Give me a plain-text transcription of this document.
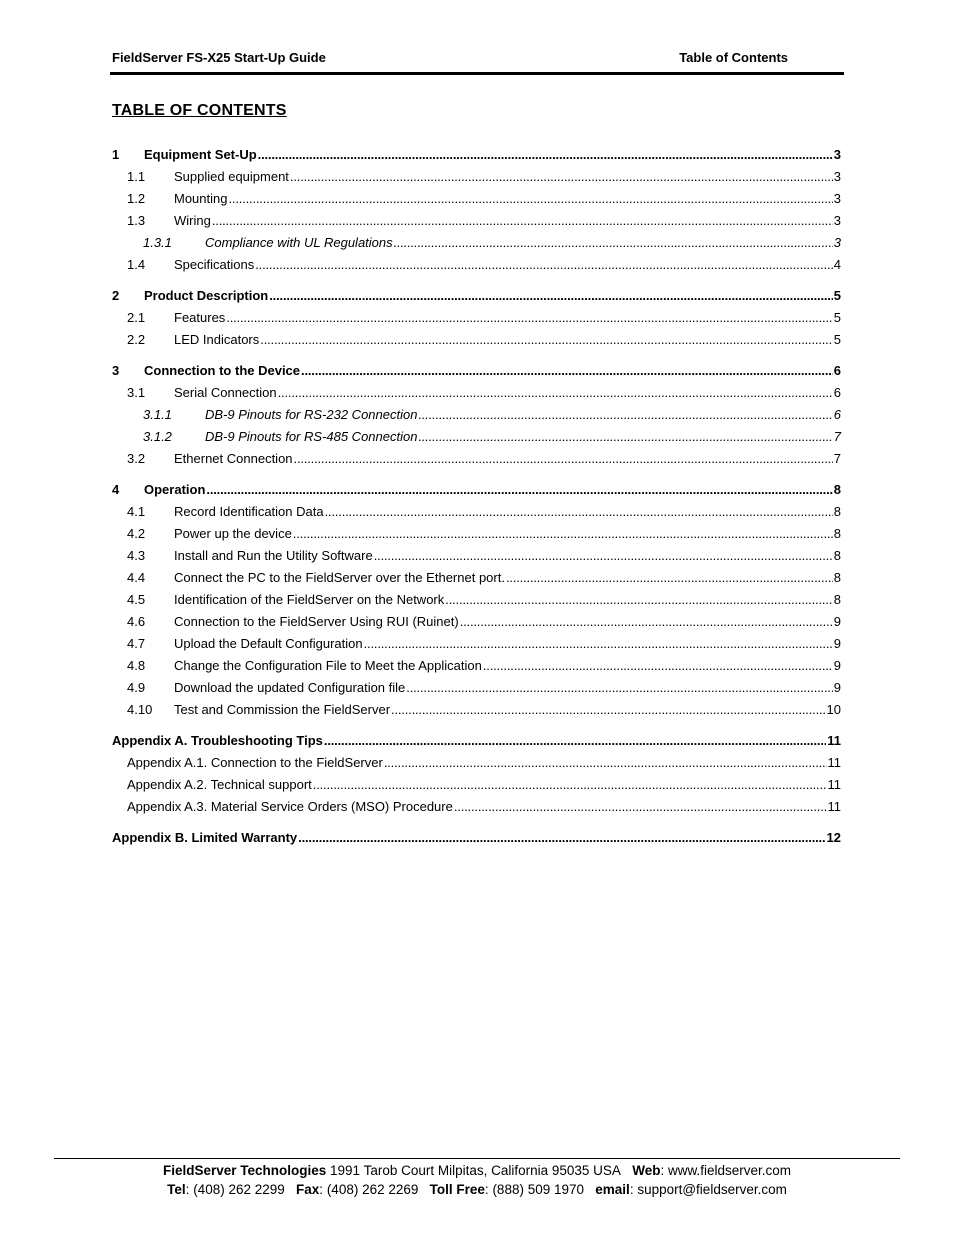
FieldServer FS-X25 Start-Up Guide	Table of Contents
TABLE OF CONTENTS
1	Equipment Set-Up . . .	3
1.1	Supplied equipment . . .	3
1.2	Mounting . . .	3
1.3	Wiring . . .	3
1.3.1	Compliance with UL Regulations . . .	3
1.4	Specifications . . .	4
2	Product Description . . .	5
2.1	Features . . .	5
2.2	LED Indicators . . .	5
3	Connection to the Device . . .	6
3.1	Serial Connection . . .	6
3.1.1	DB-9 Pinouts for RS-232 Connection . . .	6
3.1.2	DB-9 Pinouts for RS-485 Connection . . .	7
3.2	Ethernet Connection . . .	7
4	Operation . . .	8
4.1	Record Identification Data . . .	8
4.2	Power up the device . . .	8
4.3	Install and Run the Utility Software . . .	8
4.4	Connect the PC to the FieldServer over the Ethernet port. . . .	8
4.5	Identification of the FieldServer on the Network . . .	8
4.6	Connection to the FieldServer Using RUI (Ruinet) . . .	9
4.7	Upload the Default Configuration . . .	9
4.8	Change the Configuration File to Meet the Application . . .	9
4.9	Download the updated Configuration file . . .	9
4.10	Test and Commission the FieldServer . . .	10
Appendix A. Troubleshooting Tips . . .	11
Appendix A.1. Connection to the FieldServer . . .	11
Appendix A.2. Technical support . . .	11
Appendix A.3. Material Service Orders (MSO) Procedure . . .	11
Appendix B. Limited Warranty . . .	12
FieldServer Technologies 1991 Tarob Court Milpitas, California 95035 USA Web: www.fieldserver.com
Tel: (408) 262 2299 Fax: (408) 262 2269 Toll Free: (888) 509 1970 email: support@fieldserver.com
